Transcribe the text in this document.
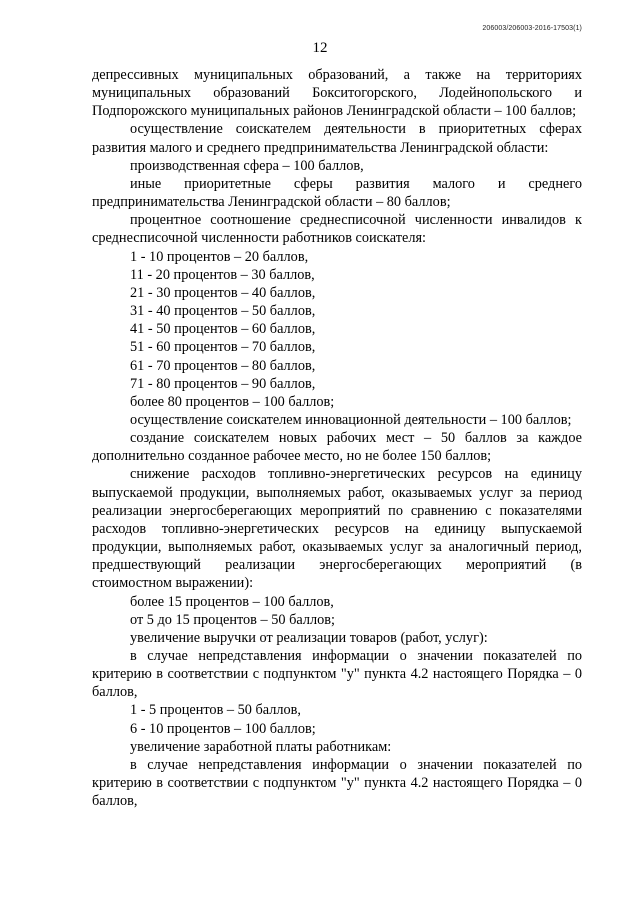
206003/206003-2016-17503(1)
12

депрессивных муниципальных образований, а также на территориях муниципальных образований Бокситогорского, Лодейнопольского и Подпорожского муниципальных районов Ленинградской области – 100 баллов;

осуществление соискателем деятельности в приоритетных сферах развития малого и среднего предпринимательства Ленинградской области:

производственная сфера – 100 баллов,

иные приоритетные сферы развития малого и среднего предпринимательства Ленинградской области – 80 баллов;

процентное соотношение среднесписочной численности инвалидов к среднесписочной численности работников соискателя:

1 - 10 процентов – 20 баллов,

11 - 20 процентов – 30 баллов,

21 - 30 процентов – 40 баллов,

31 - 40 процентов – 50 баллов,

41 - 50 процентов – 60 баллов,

51 - 60 процентов – 70 баллов,

61 - 70 процентов – 80 баллов,

71 - 80 процентов – 90 баллов,

более 80 процентов – 100 баллов;

осуществление соискателем инновационной деятельности – 100 баллов;

создание соискателем новых рабочих мест – 50 баллов за каждое дополнительно созданное рабочее место, но не более 150 баллов;

снижение расходов топливно-энергетических ресурсов на единицу выпускаемой продукции, выполняемых работ, оказываемых услуг за период реализации энергосберегающих мероприятий по сравнению с показателями расходов топливно-энергетических ресурсов на единицу выпускаемой продукции, выполняемых работ, оказываемых услуг за аналогичный период, предшествующий реализации энергосберегающих мероприятий (в стоимостном выражении):

более 15 процентов – 100 баллов,

от 5 до 15 процентов – 50 баллов;

увеличение выручки от реализации товаров (работ, услуг):

в случае непредставления информации о значении показателей по критерию в соответствии с подпунктом "у" пункта 4.2 настоящего Порядка – 0 баллов,

1 - 5 процентов – 50 баллов,

6 - 10 процентов – 100 баллов;

увеличение заработной платы работникам:

в случае непредставления информации о значении показателей по критерию в соответствии с подпунктом "у" пункта 4.2 настоящего Порядка – 0 баллов,
